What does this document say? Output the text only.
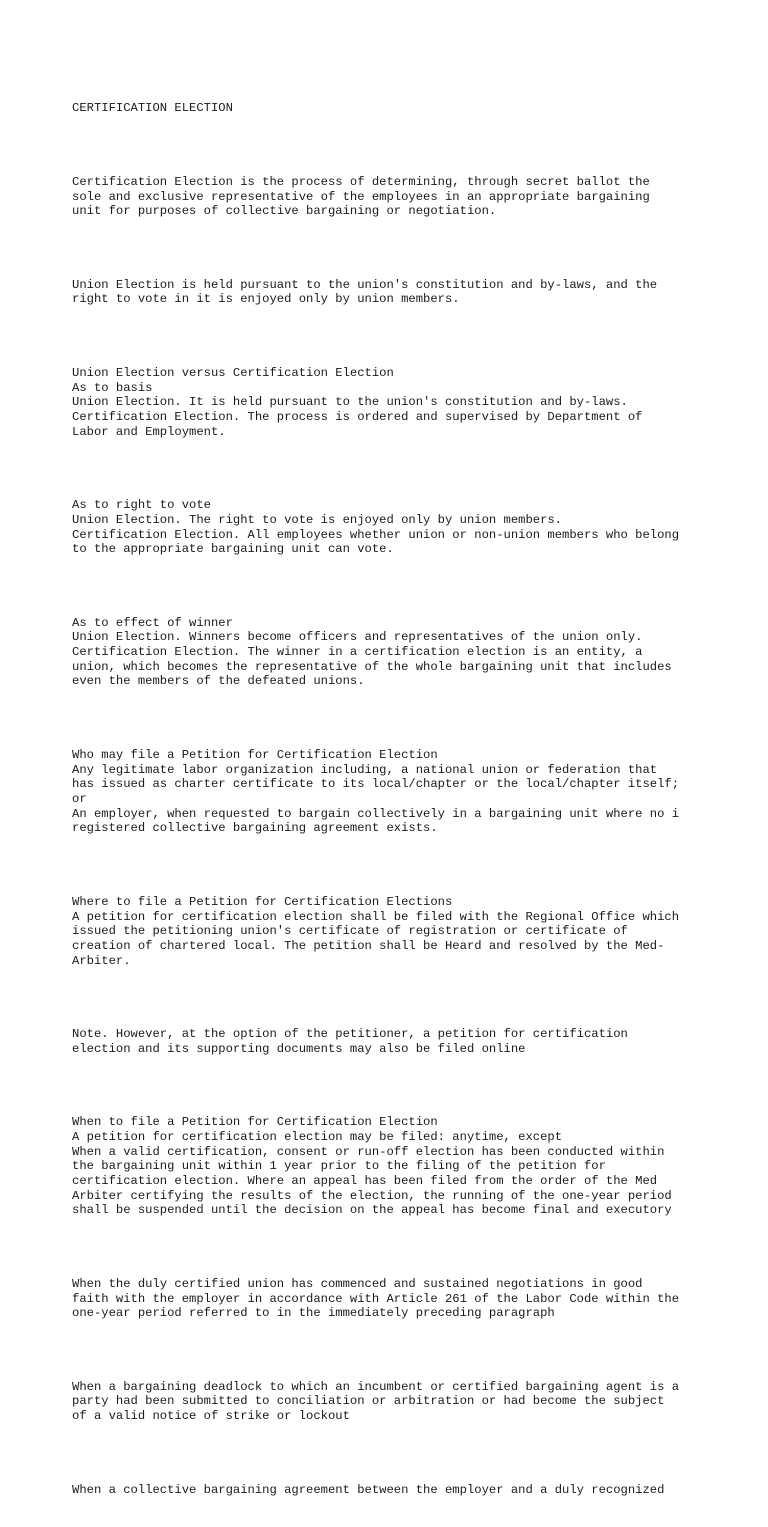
CERTIFICATION ELECTION

Certification Election is the process of determining, through secret ballot the
sole and exclusive representative of the employees in an appropriate bargaining
unit for purposes of collective bargaining or negotiation.

Union Election is held pursuant to the union's constitution and by-laws, and the
right to vote in it is enjoyed only by union members.

Union Election versus Certification Election
As to basis
Union Election. It is held pursuant to the union's constitution and by-laws.
Certification Election. The process is ordered and supervised by Department of
Labor and Employment.

As to right to vote
Union Election. The right to vote is enjoyed only by union members.
Certification Election. All employees whether union or non-union members who belong
to the appropriate bargaining unit can vote.

As to effect of winner
Union Election. Winners become officers and representatives of the union only.
Certification Election. The winner in a certification election is an entity, a
union, which becomes the representative of the whole bargaining unit that includes
even the members of the defeated unions.

Who may file a Petition for Certification Election
Any legitimate labor organization including, a national union or federation that
has issued as charter certificate to its local/chapter or the local/chapter itself;
or
An employer, when requested to bargain collectively in a bargaining unit where no i
registered collective bargaining agreement exists.

Where to file a Petition for Certification Elections
A petition for certification election shall be filed with the Regional Office which
issued the petitioning union's certificate of registration or certificate of
creation of chartered local. The petition shall be Heard and resolved by the Med-
Arbiter.

Note. However, at the option of the petitioner, a petition for certification
election and its supporting documents may also be filed online

When to file a Petition for Certification Election
A petition for certification election may be filed: anytime, except
When a valid certification, consent or run-off election has been conducted within
the bargaining unit within 1 year prior to the filing of the petition for
certification election. Where an appeal has been filed from the order of the Med
Arbiter certifying the results of the election, the running of the one-year period
shall be suspended until the decision on the appeal has become final and executory

When the duly certified union has commenced and sustained negotiations in good
faith with the employer in accordance with Article 261 of the Labor Code within the
one-year period referred to in the immediately preceding paragraph

When a bargaining deadlock to which an incumbent or certified bargaining agent is a
party had been submitted to conciliation or arbitration or had become the subject
of a valid notice of strike or lockout

When a collective bargaining agreement between the employer and a duly recognized
